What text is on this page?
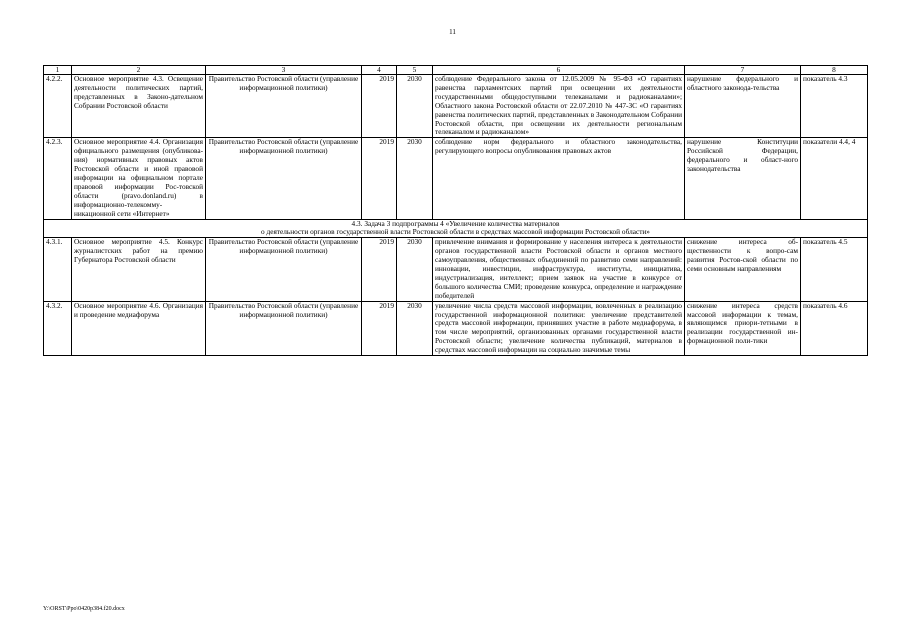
11
1	2	3	4	5	6	7	8
4.2.2.	Основное мероприятие 4.3. Освещение деятельности политических партий, представленных в Законо-дательном Собрании Ростовской области	Правительство Ростовской области (управление информационной политики)	2019	2030	соблюдение Федерального закона от 12.05.2009 № 95-ФЗ «О гарантиях равенства парламентских партий при освещении их деятельности государственными общедоступными телеканалами и радиоканалами»; Областного закона Ростовской области от 22.07.2010 № 447-ЗС «О гарантиях равенства политических партий, представленных в Законодательном Собрании Ростовской области, при освещении их деятельности региональным телеканалом и радиоканалом»	нарушение федерального и областного законода-тельства	показатель 4.3
4.2.3.	Основное мероприятие 4.4. Организация официального размещения (опубликова-ния) нормативных правовых актов Ростовской области и иной правовой информации на официальном портале правовой информации Рос-товской области (pravo.donland.ru) в информационно-телекомму-никационной сети «Интернет»	Правительство Ростовской области (управление информационной политики)	2019	2030	соблюдение норм федерального и областного законодательства, регулирующего вопросы опубликования правовых актов	нарушение Конституции Российской Федерации, федерального и област-ного законодательства	показатели 4.4, 4

4.3. Задача 3 подпрограммы 4 «Увеличение количества материалов
о деятельности органов государственной власти Ростовской области в средствах массовой информации Ростовской области»							

4.3.1.	Основное мероприятие 4.5. Конкурс журналистских работ на премию Губернатора Ростовской области	Правительство Ростовской области (управление информационной политики)	2019	2030	привлечение внимания и формирование у населения интереса к деятельности органов государственной власти Ростовской области и органов местного самоуправления, общественных объединений по развитию семи направлений: инновации, инвестиции, инфраструктура, институты, инициатива, индустриализация, интеллект; прием заявок на участие в конкурсе от большого количества СМИ; проведение конкурса, определение и награждение победителей	снижение интереса об-щественности к вопро-сам развития Ростов-ской области по семи основным направлениям	показатель 4.5
4.3.2.	Основное мероприятие 4.6. Организация и проведение медиафорума	Правительство Ростовской области (управление информационной политики)	2019	2030	увеличение числа средств массовой информации, вовлеченных в реализацию государственной информационной политики: увеличение представителей средств массовой информации, принявших участие в работе медиафорума, в том числе мероприятий, организованных органами государственной власти Ростовской области; увеличение количества публикаций, материалов в средствах массовой информации на социально значимые темы	снижение интереса средств массовой информации к темам, являющимся приори-тетными в реализации государственной ин-формационной поли-тики	показатель 4.6
Y:\ORST\Ppo\0420p384.f20.docx
